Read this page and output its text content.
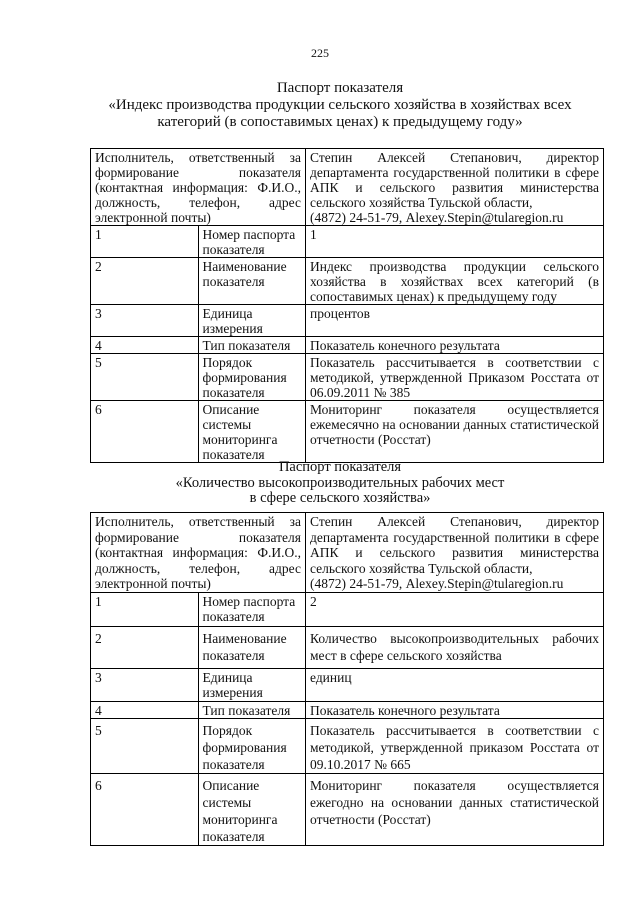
225
Паспорт показателя
«Индекс производства продукции сельского хозяйства в хозяйствах всех
категорий (в сопоставимых ценах) к предыдущему году»
Исполнитель, ответственный за формирование показателя (контактная информация: Ф.И.О., должность, телефон, адрес электронной почты)		Степин Алексей Степанович, директор департамента государственной политики в сфере АПК и сельского развития министерства сельского хозяйства Тульской области,
(4872) 24-51-79, Alexey.Stepin@tularegion.ru
1	Номер паспорта показателя	1
2	Наименование показателя	Индекс производства продукции сельского хозяйства в хозяйствах всех категорий (в сопоставимых ценах) к предыдущему году
3	Единица измерения	процентов
4	Тип показателя	Показатель конечного результата
5	Порядок формирования показателя	Показатель рассчитывается в соответствии с методикой, утвержденной Приказом Росстата от 06.09.2011 № 385
6	Описание системы мониторинга показателя	Мониторинг показателя осуществляется ежемесячно на основании данных статистической отчетности (Росстат)
Паспорт показателя
«Количество высокопроизводительных рабочих мест
в сфере сельского хозяйства»
Исполнитель, ответственный за формирование показателя (контактная информация: Ф.И.О., должность, телефон, адрес электронной почты)		Степин Алексей Степанович, директор департамента государственной политики в сфере АПК и сельского развития министерства сельского хозяйства Тульской области,
(4872) 24-51-79, Alexey.Stepin@tularegion.ru
1	Номер паспорта показателя	2
2	Наименование показателя	Количество высокопроизводительных рабочих мест в сфере сельского хозяйства
3	Единица измерения	единиц
4	Тип показателя	Показатель конечного результата
5	Порядок формирования показателя	Показатель рассчитывается в соответствии с методикой, утвержденной приказом Росстата от 09.10.2017 № 665
6	Описание системы мониторинга показателя	Мониторинг показателя осуществляется ежегодно на основании данных статистической отчетности (Росстат)
